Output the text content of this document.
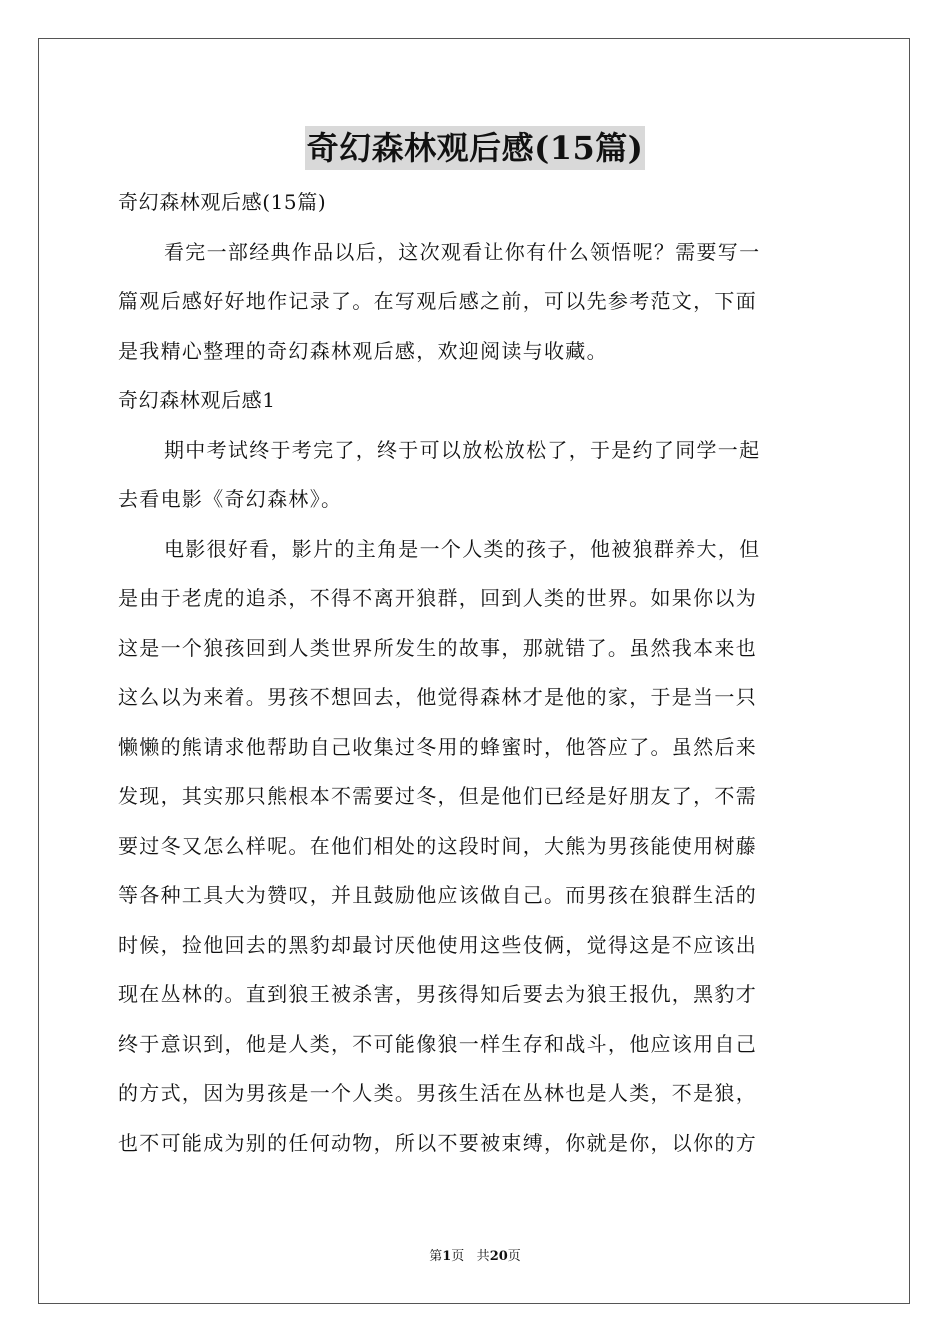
奇幻森林观后感(15篇)
奇幻森林观后感(15篇)
看完一部经典作品以后，这次观看让你有什么领悟呢？需要写一
篇观后感好好地作记录了。在写观后感之前，可以先参考范文，下面
是我精心整理的奇幻森林观后感，欢迎阅读与收藏。
奇幻森林观后感1
期中考试终于考完了，终于可以放松放松了，于是约了同学一起
去看电影《奇幻森林》。
电影很好看，影片的主角是一个人类的孩子，他被狼群养大，但
是由于老虎的追杀，不得不离开狼群，回到人类的世界。如果你以为
这是一个狼孩回到人类世界所发生的故事，那就错了。虽然我本来也
这么以为来着。男孩不想回去，他觉得森林才是他的家，于是当一只
懒懒的熊请求他帮助自己收集过冬用的蜂蜜时，他答应了。虽然后来
发现，其实那只熊根本不需要过冬，但是他们已经是好朋友了，不需
要过冬又怎么样呢。在他们相处的这段时间，大熊为男孩能使用树藤
等各种工具大为赞叹，并且鼓励他应该做自己。而男孩在狼群生活的
时候，捡他回去的黑豹却最讨厌他使用这些伎俩，觉得这是不应该出
现在丛林的。直到狼王被杀害，男孩得知后要去为狼王报仇，黑豹才
终于意识到，他是人类，不可能像狼一样生存和战斗，他应该用自己
的方式，因为男孩是一个人类。男孩生活在丛林也是人类，不是狼，
也不可能成为别的任何动物，所以不要被束缚，你就是你，以你的方
第1页 共20页
